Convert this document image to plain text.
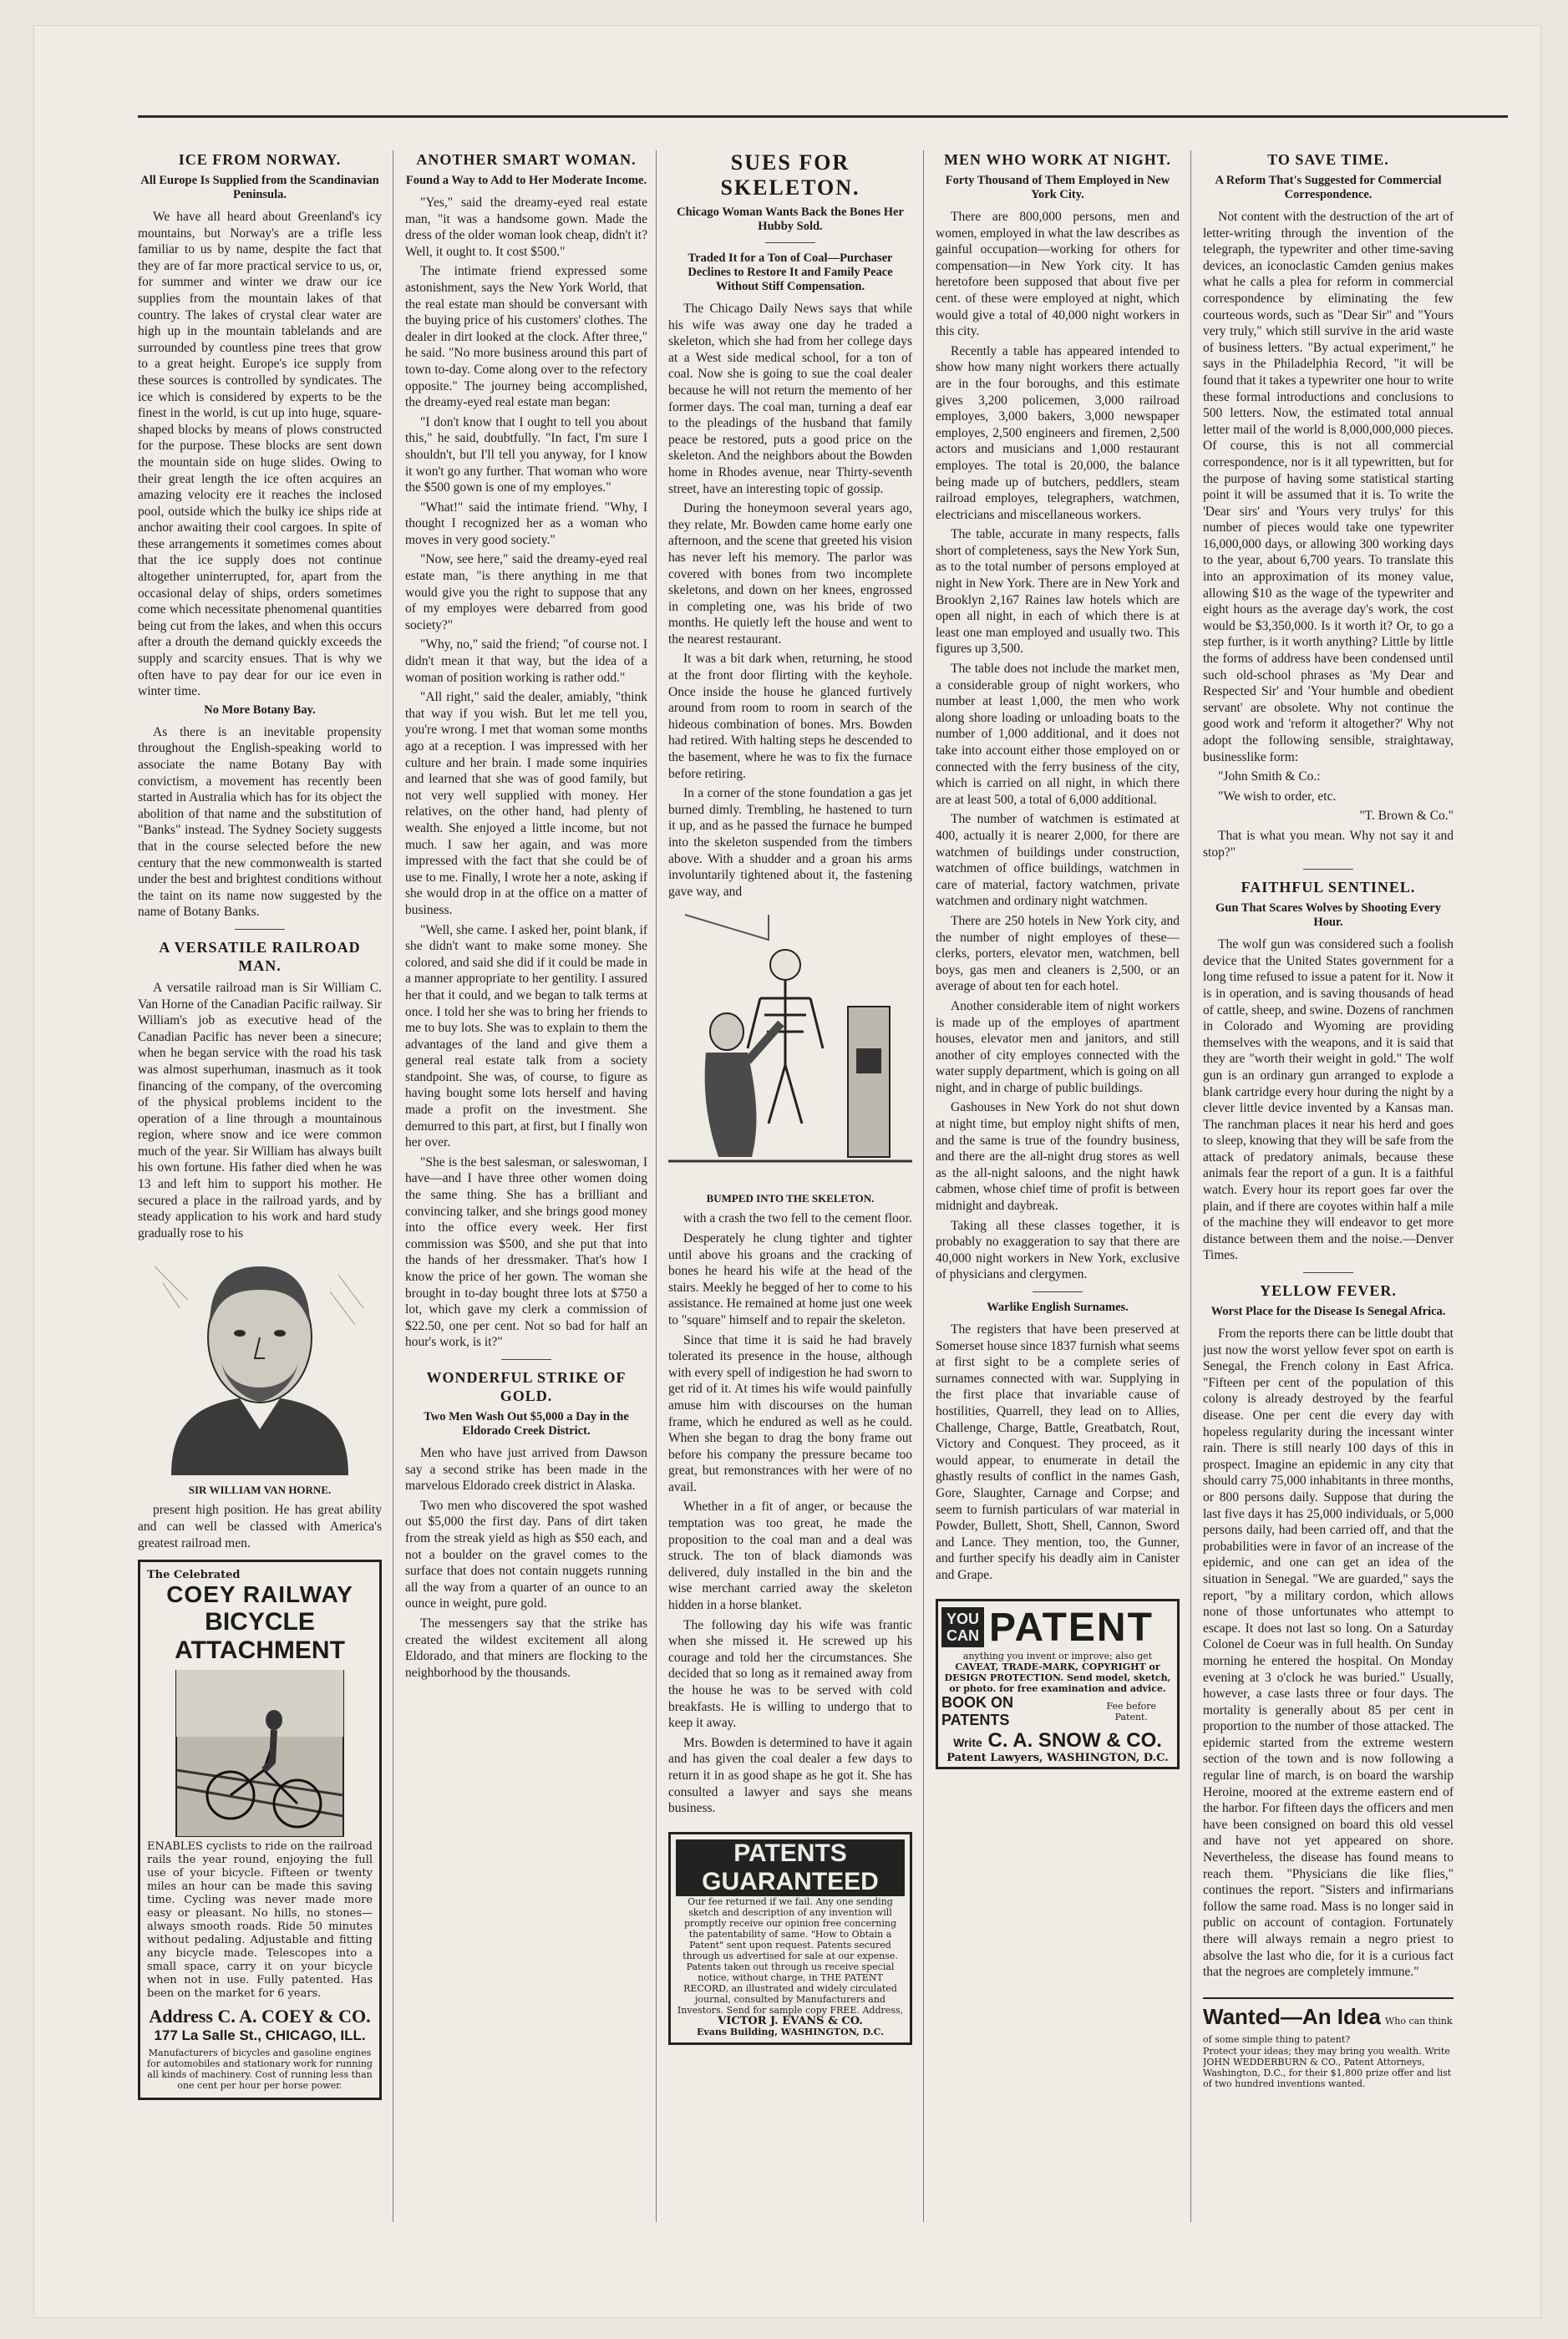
ICE FROM NORWAY.
All Europe Is Supplied from the Scandinavian Peninsula.

We have all heard about Greenland's icy mountains, but Norway's are a trifle less familiar to us by name, despite the fact that they are of far more practical service to us, or, for summer and winter we draw our ice supplies from the mountain lakes of that country. The lakes of crystal clear water are high up in the mountain tablelands and are surrounded by countless pine trees that grow to a great height. Europe's ice supply from these sources is controlled by syndicates. The ice which is considered by experts to be the finest in the world, is cut up into huge, square-shaped blocks by means of plows constructed for the purpose. These blocks are sent down the mountain side on huge slides. Owing to their great length the ice often acquires an amazing velocity ere it reaches the inclosed pool, outside which the bulky ice ships ride at anchor awaiting their cool cargoes. In spite of these arrangements it sometimes comes about that the ice supply does not continue altogether uninterrupted, for, apart from the occasional delay of ships, orders sometimes come which necessitate phenomenal quantities being cut from the lakes, and when this occurs after a drouth the demand quickly exceeds the supply and scarcity ensues. That is why we often have to pay dear for our ice even in winter time.

No More Botany Bay.

As there is an inevitable propensity throughout the English-speaking world to associate the name Botany Bay with convictism, a movement has recently been started in Australia which has for its object the abolition of that name and the substitution of "Banks" instead. The Sydney Society suggests that in the course selected before the new century that the new commonwealth is started under the best and brightest conditions without the taint on its name now suggested by the name of Botany Banks.

A VERSATILE RAILROAD MAN.

A versatile railroad man is Sir William C. Van Horne of the Canadian Pacific railway. Sir William's job as executive head of the Canadian Pacific has never been a sinecure; when he began service with the road his task was almost superhuman, inasmuch as it took financing of the company, of the overcoming of the physical problems incident to the operation of a line through a mountainous region, where snow and ice were common much of the year. Sir William has always built his own fortune. His father died when he was 13 and left him to support his mother. He secured a place in the railroad yards, and by steady application to his work and hard study gradually rose to his

SIR WILLIAM VAN HORNE.

present high position. He has great ability and can well be classed with America's greatest railroad men.

The Celebrated
COEY RAILWAY
BICYCLE ATTACHMENT
ENABLES cyclists to ride on the railroad rails the year round, enjoying the full use of your bicycle. Fifteen or twenty miles an hour can be made this saving time. Cycling was never made more easy or pleasant. No hills, no stones—always smooth roads. Ride 50 minutes without pedaling. Adjustable and fitting any bicycle made. Telescopes into a small space, carry it on your bicycle when not in use. Fully patented. Has been on the market for 6 years.
Address C. A. COEY & CO.
177 La Salle St., CHICAGO, ILL.
Manufacturers of bicycles and gasoline engines for automobiles and stationary work for running all kinds of machinery. Cost of running less than one cent per hour per horse power.
ANOTHER SMART WOMAN.
Found a Way to Add to Her Moderate Income.

"Yes," said the dreamy-eyed real estate man, "it was a handsome gown. Made the dress of the older woman look cheap, didn't it? Well, it ought to. It cost $500."

The intimate friend expressed some astonishment, says the New York World, that the real estate man should be conversant with the buying price of his customers' clothes. The dealer in dirt looked at the clock. After three," he said. "No more business around this part of town to-day. Come along over to the refectory opposite." The journey being accomplished, the dreamy-eyed real estate man began:

"I don't know that I ought to tell you about this," he said, doubtfully. "In fact, I'm sure I shouldn't, but I'll tell you anyway, for I know it won't go any further. That woman who wore the $500 gown is one of my employes."

"What!" said the intimate friend. "Why, I thought I recognized her as a woman who moves in very good society."

"Now, see here," said the dreamy-eyed real estate man, "is there anything in me that would give you the right to suppose that any of my employes were debarred from good society?"

"Why, no," said the friend; "of course not. I didn't mean it that way, but the idea of a woman of position working is rather odd."

"All right," said the dealer, amiably, "think that way if you wish. But let me tell you, you're wrong. I met that woman some months ago at a reception. I was impressed with her culture and her brain. I made some inquiries and learned that she was of good family, but not very well supplied with money. Her relatives, on the other hand, had plenty of wealth. She enjoyed a little income, but not much. I saw her again, and was more impressed with the fact that she could be of use to me. Finally, I wrote her a note, asking if she would drop in at the office on a matter of business.

"Well, she came. I asked her, point blank, if she didn't want to make some money. She colored, and said she did if it could be made in a manner appropriate to her gentility. I assured her that it could, and we began to talk terms at once. I told her she was to bring her friends to me to buy lots. She was to explain to them the advantages of the land and give them a general real estate talk from a society standpoint. She was, of course, to figure as having bought some lots herself and having made a profit on the investment. She demurred to this part, at first, but I finally won her over.

"She is the best salesman, or saleswoman, I have—and I have three other women doing the same thing. She has a brilliant and convincing talker, and she brings good money into the office every week. Her first commission was $500, and she put that into the hands of her dressmaker. That's how I know the price of her gown. The woman she brought in to-day bought three lots at $750 a lot, which gave my clerk a commission of $22.50, one per cent. Not so bad for half an hour's work, is it?"

WONDERFUL STRIKE OF GOLD.
Two Men Wash Out $5,000 a Day in the Eldorado Creek District.

Men who have just arrived from Dawson say a second strike has been made in the marvelous Eldorado creek district in Alaska.

Two men who discovered the spot washed out $5,000 the first day. Pans of dirt taken from the streak yield as high as $50 each, and not a boulder on the gravel comes to the surface that does not contain nuggets running all the way from a quarter of an ounce to an ounce in weight, pure gold.

The messengers say that the strike has created the wildest excitement all along Eldorado, and that miners are flocking to the neighborhood by the thousands.

SUES FOR SKELETON.
Chicago Woman Wants Back the Bones Her Hubby Sold.
Traded It for a Ton of Coal—Purchaser Declines to Restore It and Family Peace Without Stiff Compensation.

The Chicago Daily News says that while his wife was away one day he traded a skeleton, which she had from her college days at a West side medical school, for a ton of coal. Now she is going to sue the coal dealer because he will not return the memento of her former days. The coal man, turning a deaf ear to the pleadings of the husband that family peace be restored, puts a good price on the skeleton. And the neighbors about the Bowden home in Rhodes avenue, near Thirty-seventh street, have an interesting topic of gossip.

During the honeymoon several years ago, they relate, Mr. Bowden came home early one afternoon, and the scene that greeted his vision has never left his memory. The parlor was covered with bones from two incomplete skeletons, and down on her knees, engrossed in completing one, was his bride of two months. He quietly left the house and went to the nearest restaurant.

It was a bit dark when, returning, he stood at the front door flirting with the keyhole. Once inside the house he glanced furtively around from room to room in search of the hideous combination of bones. Mrs. Bowden had retired. With halting steps he descended to the basement, where he was to fix the furnace before retiring.

In a corner of the stone foundation a gas jet burned dimly. Trembling, he hastened to turn it up, and as he passed the furnace he bumped into the skeleton suspended from the timbers above. With a shudder and a groan his arms involuntarily tightened about it, the fastening gave way, and

BUMPED INTO THE SKELETON.

with a crash the two fell to the cement floor.

Desperately he clung tighter and tighter until above his groans and the cracking of bones he heard his wife at the head of the stairs. Meekly he begged of her to come to his assistance. He remained at home just one week to "square" himself and to repair the skeleton.

Since that time it is said he had bravely tolerated its presence in the house, although with every spell of indigestion he had sworn to get rid of it. At times his wife would painfully amuse him with discourses on the human frame, which he endured as well as he could. When she began to drag the bony frame out before his company the pressure became too great, but remonstrances with her were of no avail.

Whether in a fit of anger, or because the temptation was too great, he made the proposition to the coal man and a deal was struck. The ton of black diamonds was delivered, duly installed in the bin and the wise merchant carried away the skeleton hidden in a horse blanket.

The following day his wife was frantic when she missed it. He screwed up his courage and told her the circumstances. She decided that so long as it remained away from the house he was to be served with cold breakfasts. He is willing to undergo that to keep it away.

Mrs. Bowden is determined to have it again and has given the coal dealer a few days to return it in as good shape as he got it. She has consulted a lawyer and says she means business.

PATENTS GUARANTEED
Our fee returned if we fail. Any one sending sketch and description of any invention will promptly receive our opinion free concerning the patentability of same. "How to Obtain a Patent" sent upon request. Patents secured through us advertised for sale at our expense. Patents taken out through us receive special notice, without charge, in THE PATENT RECORD, an illustrated and widely circulated journal, consulted by Manufacturers and Investors. Send for sample copy FREE. Address,
VICTOR J. EVANS & CO.
Evans Building, WASHINGTON, D.C.
MEN WHO WORK AT NIGHT.
Forty Thousand of Them Employed in New York City.

There are 800,000 persons, men and women, employed in what the law describes as gainful occupation—working for others for compensation—in New York city. It has heretofore been supposed that about five per cent. of these were employed at night, which would give a total of 40,000 night workers in this city.

Recently a table has appeared intended to show how many night workers there actually are in the four boroughs, and this estimate gives 3,200 policemen, 3,000 railroad employes, 3,000 bakers, 3,000 newspaper employes, 2,500 engineers and firemen, 2,500 actors and musicians and 1,000 restaurant employes. The total is 20,000, the balance being made up of butchers, peddlers, steam railroad employes, telegraphers, watchmen, electricians and miscellaneous workers.

The table, accurate in many respects, falls short of completeness, says the New York Sun, as to the total number of persons employed at night in New York. There are in New York and Brooklyn 2,167 Raines law hotels which are open all night, in each of which there is at least one man employed and usually two. This figures up 3,500.

The table does not include the market men, a considerable group of night workers, who number at least 1,000, the men who work along shore loading or unloading boats to the number of 1,000 additional, and it does not take into account either those employed on or connected with the ferry business of the city, which is carried on all night, in which there are at least 500, a total of 6,000 additional.

The number of watchmen is estimated at 400, actually it is nearer 2,000, for there are watchmen of buildings under construction, watchmen of office buildings, watchmen in care of material, factory watchmen, private watchmen and ordinary night watchmen.

There are 250 hotels in New York city, and the number of night employes of these—clerks, porters, elevator men, watchmen, bell boys, gas men and cleaners is 2,500, or an average of about ten for each hotel.

Another considerable item of night workers is made up of the employes of apartment houses, elevator men and janitors, and still another of city employes connected with the water supply department, which is going on all night, and in charge of public buildings.

Gashouses in New York do not shut down at night time, but employ night shifts of men, and the same is true of the foundry business, and there are the all-night drug stores as well as the all-night saloons, and the night hawk cabmen, whose chief time of profit is between midnight and daybreak.

Taking all these classes together, it is probably no exaggeration to say that there are 40,000 night workers in New York, exclusive of physicians and clergymen.

Warlike English Surnames.

The registers that have been preserved at Somerset house since 1837 furnish what seems at first sight to be a complete series of surnames connected with war. Supplying in the first place that invariable cause of hostilities, Quarrell, they lead on to Allies, Challenge, Charge, Battle, Greatbatch, Rout, Victory and Conquest. They proceed, as it would appear, to enumerate in detail the ghastly results of conflict in the names Gash, Gore, Slaughter, Carnage and Corpse; and seem to furnish particulars of war material in Powder, Bullett, Shott, Shell, Cannon, Sword and Lance. They mention, too, the Gunner, and further specify his deadly aim in Canister and Grape.

YOU
CAN PATENT
anything you invent or improve; also get
CAVEAT, TRADE-MARK, COPYRIGHT or DESIGN PROTECTION. Send model, sketch, or photo. for free examination and advice.
BOOK ON PATENTS
Fee before Patent.
Write C. A. SNOW & CO.
Patent Lawyers, WASHINGTON, D.C.
TO SAVE TIME.
A Reform That's Suggested for Commercial Correspondence.

Not content with the destruction of the art of letter-writing through the invention of the telegraph, the typewriter and other time-saving devices, an iconoclastic Camden genius makes what he calls a plea for reform in commercial correspondence by eliminating the few courteous words, such as "Dear Sir" and "Yours very truly," which still survive in the arid waste of business letters. "By actual experiment," he says in the Philadelphia Record, "it will be found that it takes a typewriter one hour to write these formal introductions and conclusions to 500 letters. Now, the estimated total annual letter mail of the world is 8,000,000,000 pieces. Of course, this is not all commercial correspondence, nor is it all typewritten, but for the purpose of having some statistical starting point it will be assumed that it is. To write the 'Dear sirs' and 'Yours very trulys' for this number of pieces would take one typewriter 16,000,000 days, or allowing 300 working days to the year, about 6,700 years. To translate this into an approximation of its money value, allowing $10 as the wage of the typewriter and eight hours as the average day's work, the cost would be $3,350,000. Is it worth it? Or, to go a step further, is it worth anything? Little by little the forms of address have been condensed until such old-school phrases as 'My Dear and Respected Sir' and 'Your humble and obedient servant' are obsolete. Why not continue the good work and 'reform it altogether?' Why not adopt the following sensible, straightaway, businesslike form:

"John Smith & Co.:

"We wish to order, etc.

"T. Brown & Co."

That is what you mean. Why not say it and stop?"

FAITHFUL SENTINEL.
Gun That Scares Wolves by Shooting Every Hour.

The wolf gun was considered such a foolish device that the United States government for a long time refused to issue a patent for it. Now it is in operation, and is saving thousands of head of cattle, sheep, and swine. Dozens of ranchmen in Colorado and Wyoming are providing themselves with the weapons, and it is said that they are "worth their weight in gold." The wolf gun is an ordinary gun arranged to explode a blank cartridge every hour during the night by a clever little device invented by a Kansas man. The ranchman places it near his herd and goes to sleep, knowing that they will be safe from the attack of predatory animals, because these animals fear the report of a gun. It is a faithful watch. Every hour its report goes far over the plain, and if there are coyotes within half a mile of the machine they will endeavor to get more distance between them and the noise.—Denver Times.

YELLOW FEVER.
Worst Place for the Disease Is Senegal Africa.

From the reports there can be little doubt that just now the worst yellow fever spot on earth is Senegal, the French colony in East Africa. "Fifteen per cent of the population of this colony is already destroyed by the fearful disease. One per cent die every day with hopeless regularity during the incessant winter rain. There is still nearly 100 days of this in prospect. Imagine an epidemic in any city that should carry 75,000 inhabitants in three months, or 800 persons daily. Suppose that during the last five days it has 25,000 individuals, or 5,000 persons daily, had been carried off, and that the probabilities were in favor of an increase of the epidemic, and one can get an idea of the situation in Senegal. "We are guarded," says the report, "by a military cordon, which allows none of those unfortunates who attempt to escape. It does not last so long. On a Saturday Colonel de Coeur was in full health. On Sunday morning he entered the hospital. On Monday evening at 3 o'clock he was buried." Usually, however, a case lasts three or four days. The mortality is generally about 85 per cent in proportion to the number of those attacked. The epidemic started from the extreme western section of the town and is now following a regular line of march, is on board the warship Heroine, moored at the extreme eastern end of the harbor. For fifteen days the officers and men have been consigned on board this old vessel and have not yet appeared on shore. Nevertheless, the disease has found means to reach them. "Physicians die like flies," continues the report. "Sisters and infirmarians follow the same road. Mass is no longer said in public on account of contagion. Fortunately there will always remain a negro priest to absolve the last who die, for it is a curious fact that the negroes are completely immune."

Wanted—An Idea Who can think of some simple thing to patent?
Protect your ideas; they may bring you wealth. Write JOHN WEDDERBURN & CO., Patent Attorneys, Washington, D.C., for their $1,800 prize offer and list of two hundred inventions wanted.
